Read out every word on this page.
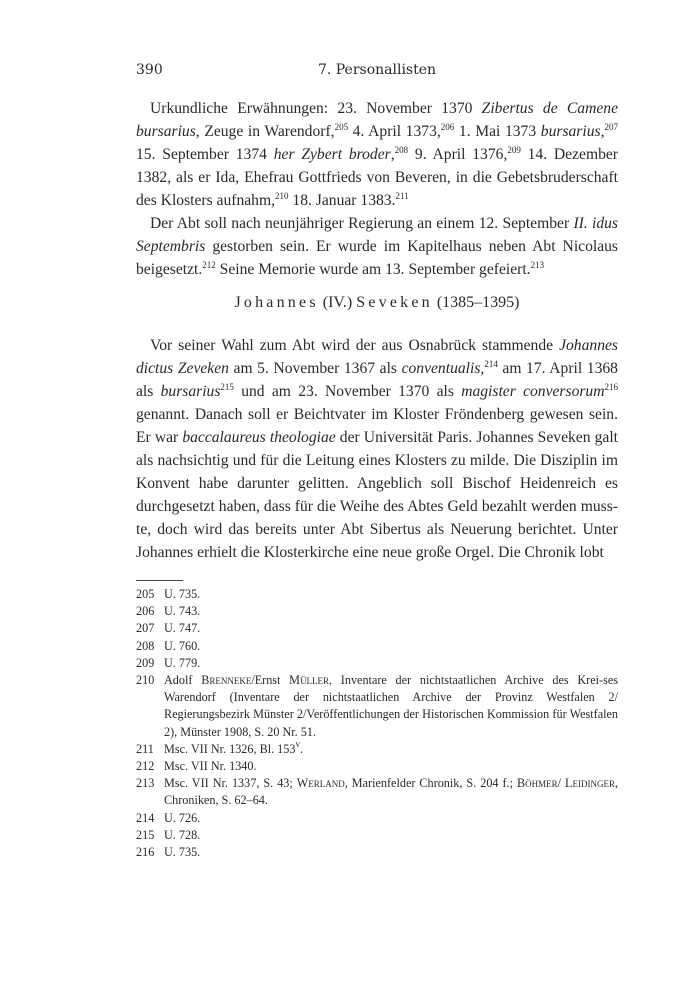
390	7. Personallisten

Urkundliche Erwähnungen: 23. November 1370 Zibertus de Camene bursarius, Zeuge in Warendorf,$^{205}$ 4. April 1373,$^{206}$ 1. Mai 1373 bursarius,$^{207}$ 15. September 1374 her Zybert broder,$^{208}$ 9. April 1376,$^{209}$ 14. Dezember 1382, als er Ida, Ehefrau Gottfrieds von Beveren, in die Gebetsbruderschaft des Klosters aufnahm,$^{210}$ 18. Januar 1383.$^{211}$

Der Abt soll nach neunjähriger Regierung an einem 12. September II. idus Septembris gestorben sein. Er wurde im Kapitelhaus neben Abt Nicolaus beigesetzt.$^{212}$ Seine Memorie wurde am 13. September gefeiert.$^{213}$

Johannes (IV.) Seveken (1385–1395)

Vor seiner Wahl zum Abt wird der aus Osnabrück stammende Johannes dictus Zeveken am 5. November 1367 als conventualis,$^{214}$ am 17. April 1368 als bursarius$^{215}$ und am 23. November 1370 als magister conversorum$^{216}$ genannt. Danach soll er Beichtvater im Kloster Fröndenberg gewesen sein. Er war baccalaureus theologiae der Universität Paris. Johannes Seveken galt als nachsichtig und für die Leitung eines Klosters zu milde. Die Disziplin im Konvent habe darunter gelitten. Angeblich soll Bischof Heidenreich es durchgesetzt haben, dass für die Weihe des Abtes Geld bezahlt werden muss-te, doch wird das bereits unter Abt Sibertus als Neuerung berichtet. Unter Johannes erhielt die Klosterkirche eine neue große Orgel. Die Chronik lobt

205 U. 735.
206 U. 743.
207 U. 747.
208 U. 760.
209 U. 779.
210 Adolf Brenneke/Ernst Müller, Inventare der nichtstaatlichen Archive des Krei-ses Warendorf (Inventare der nichtstaatlichen Archive der Provinz Westfalen 2/ Regierungsbezirk Münster 2/Veröffentlichungen der Historischen Kommission für Westfalen 2), Münster 1908, S. 20 Nr. 51.
211 Msc. VII Nr. 1326, Bl. 153$^v$.
212 Msc. VII Nr. 1340.
213 Msc. VII Nr. 1337, S. 43; Werland, Marienfelder Chronik, S. 204 f.; Böhmer/ Leidinger, Chroniken, S. 62–64.
214 U. 726.
215 U. 728.
216 U. 735.
